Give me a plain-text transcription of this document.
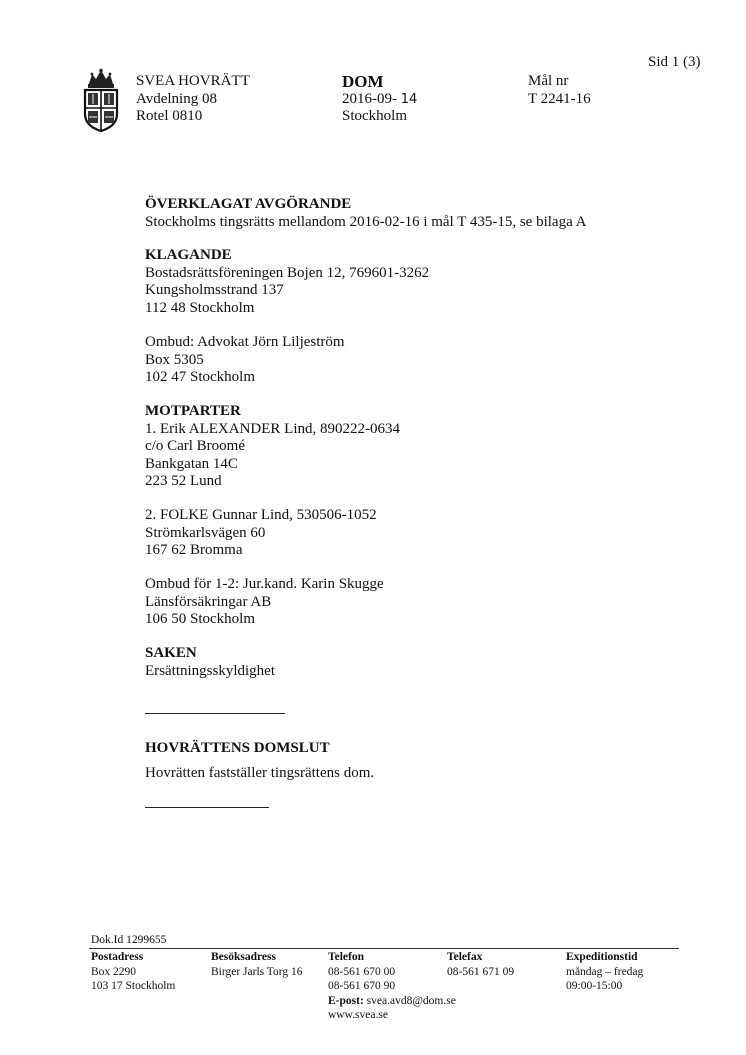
Sid 1 (3)
SVEA HOVRÄTT
Avdelning 08
Rotel 0810
DOM
2016-09- 14
Stockholm
Mål nr
T 2241-16
ÖVERKLAGAT AVGÖRANDE
Stockholms tingsrätts mellandom 2016-02-16 i mål T 435-15, se bilaga A
KLAGANDE
Bostadsrättsföreningen Bojen 12, 769601-3262
Kungsholmsstrand 137
112 48 Stockholm
Ombud: Advokat Jörn Liljeström
Box 5305
102 47 Stockholm
MOTPARTER
1. Erik ALEXANDER Lind, 890222-0634
c/o Carl Broomé
Bankgatan 14C
223 52 Lund
2. FOLKE Gunnar Lind, 530506-1052
Strömkarlsvägen 60
167 62 Bromma
Ombud för 1-2: Jur.kand. Karin Skugge
Länsförsäkringar AB
106 50 Stockholm
SAKEN
Ersättningsskyldighet
HOVRÄTTENS DOMSLUT
Hovrätten fastställer tingsrättens dom.
Dok.Id 1299655
Postadress
Box 2290
103 17 Stockholm
Besöksadress
Birger Jarls Torg 16
Telefon
08-561 670 00
08-561 670 90
E-post: svea.avd8@dom.se
www.svea.se
Telefax
08-561 671 09
Expeditionstid
måndag – fredag
09:00-15:00
